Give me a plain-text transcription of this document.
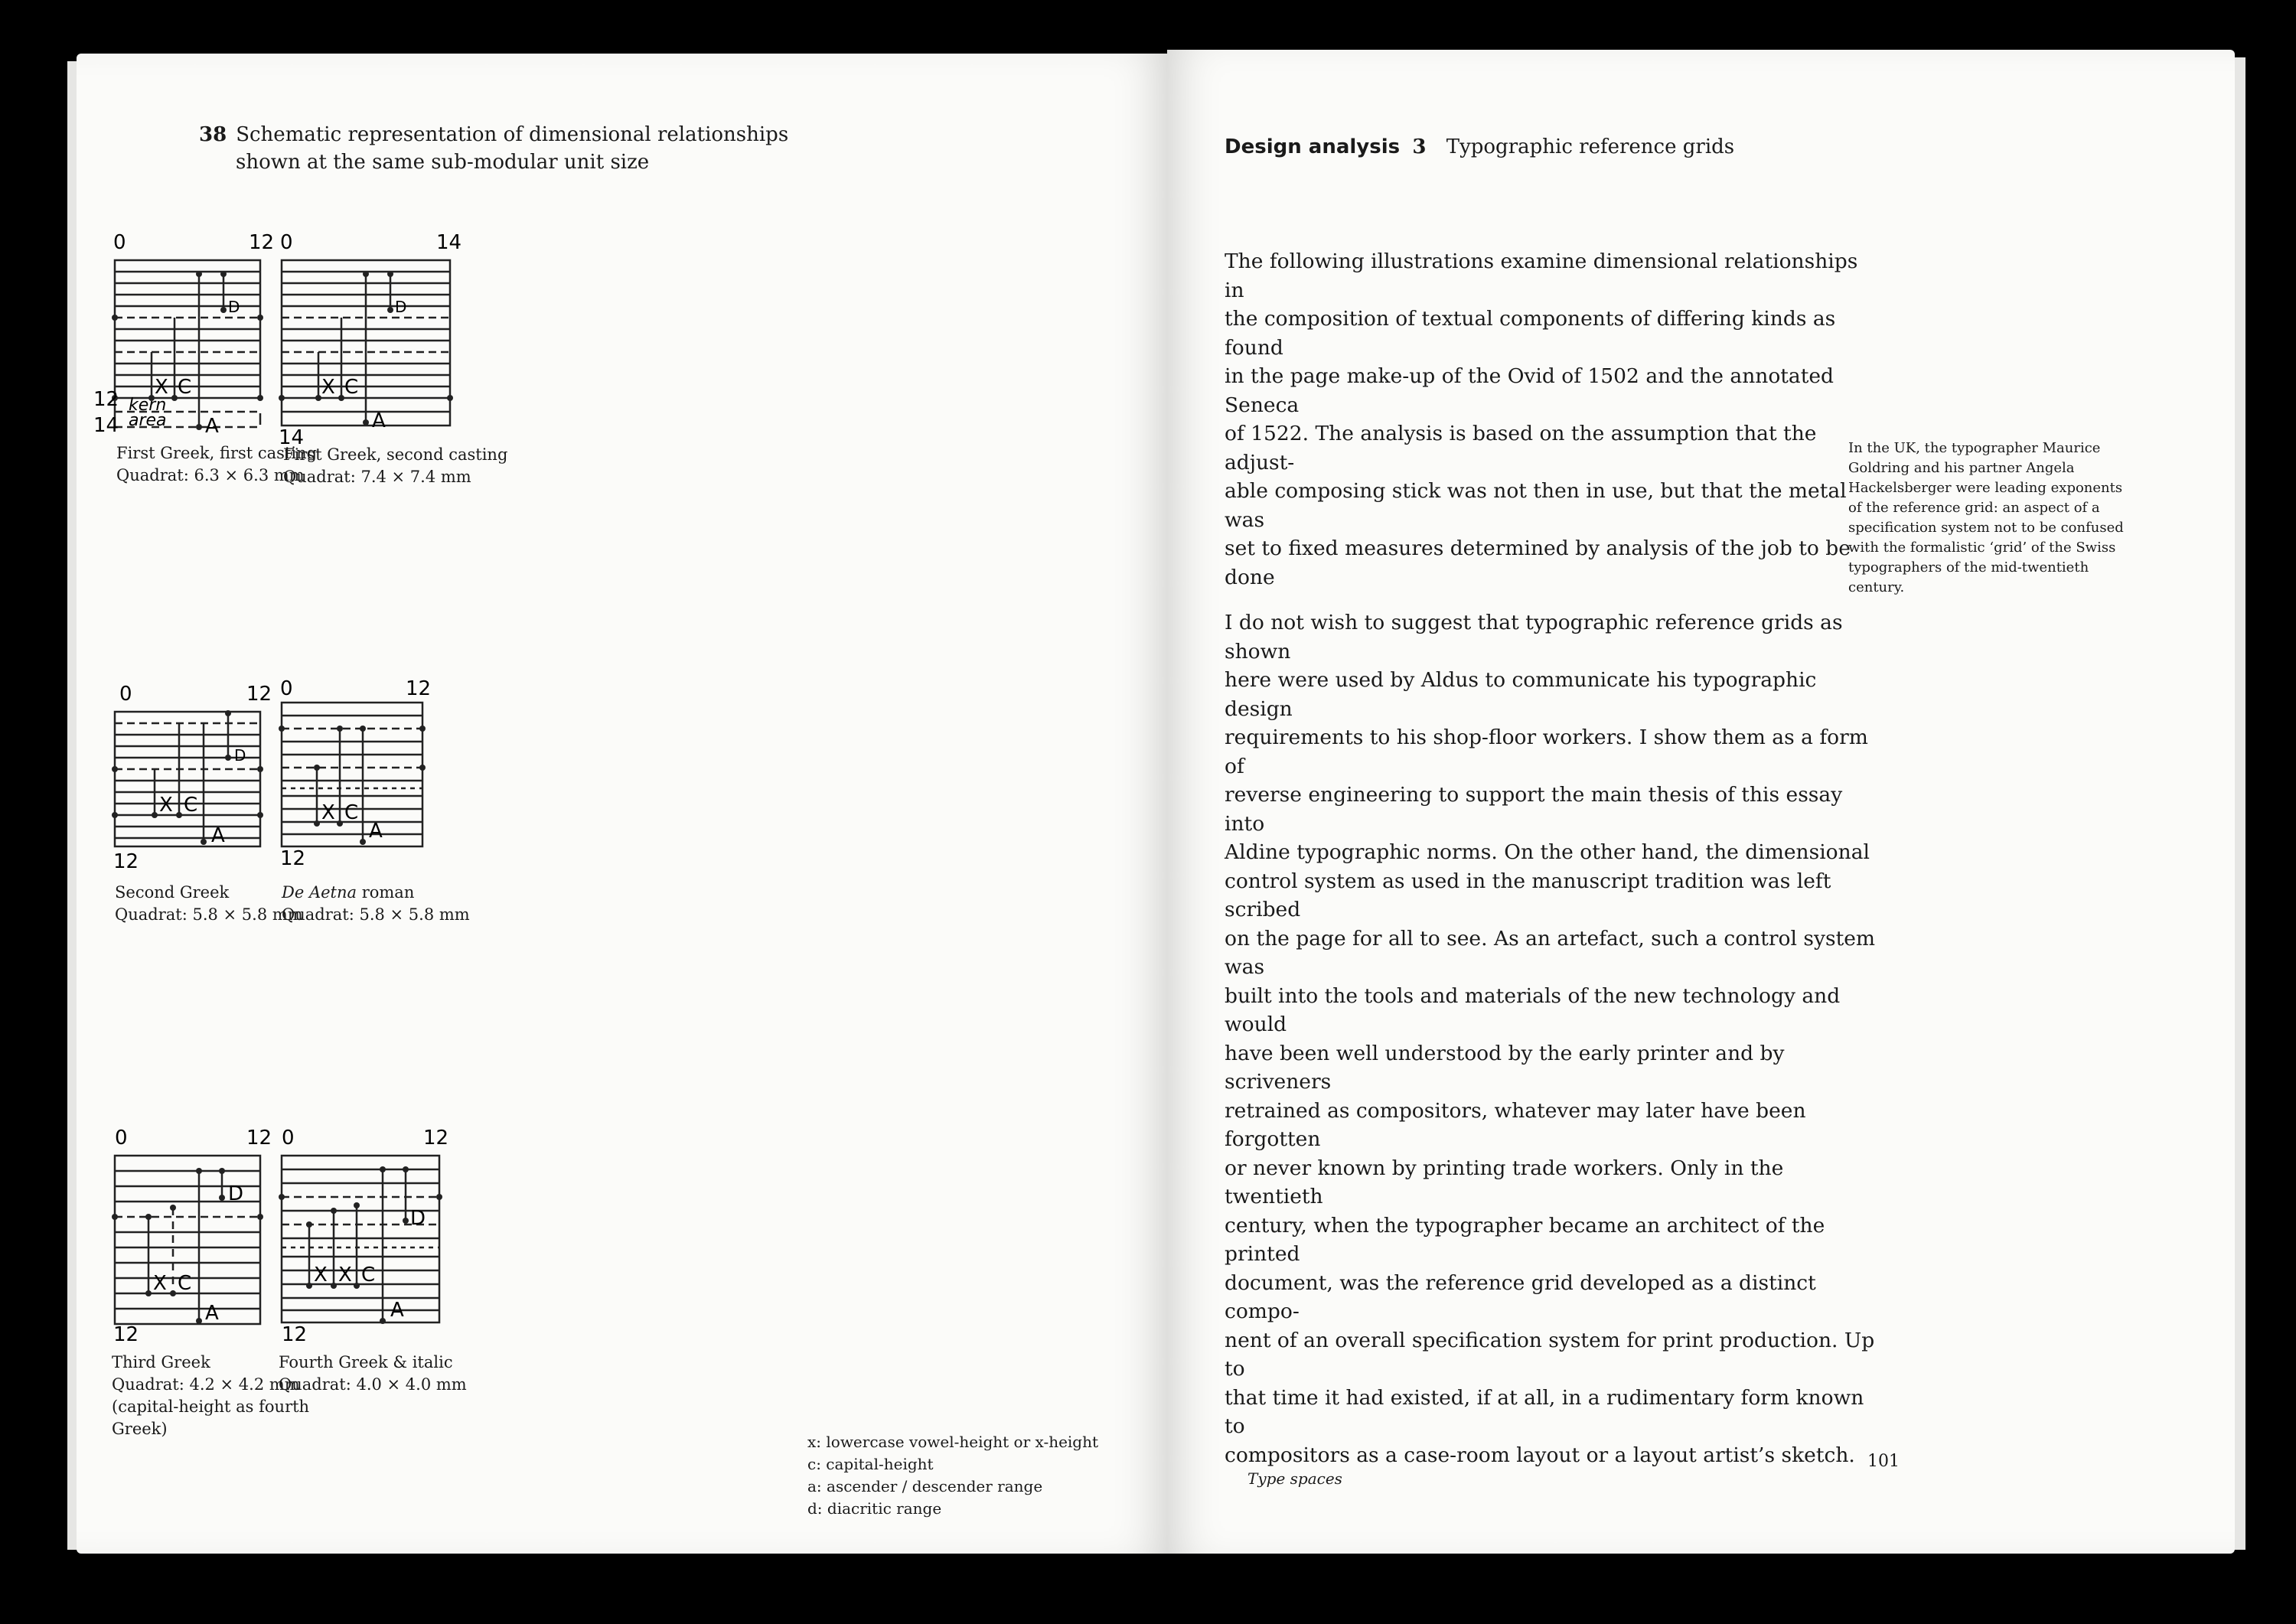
38 Schematic representation of dimensional relationships
shown at the same sub-modular unit size
0	12
12
14
kern
area
X C
D
A
First Greek, first casting
Quadrat: 6.3 × 6.3 mm
0	14
14
X C
D
A
First Greek, second casting
Quadrat: 7.4 × 7.4 mm
0	12
12
X C
D
A
Second Greek
Quadrat: 5.8 × 5.8 mm
0	12
12
X C
A
De Aetna roman
Quadrat: 5.8 × 5.8 mm
0	12
12
X C
D
A
Third Greek
Quadrat: 4.2 × 4.2 mm
(capital-height as fourth Greek)
0	12
12
X X C
D
A
Fourth Greek & italic
Quadrat: 4.0 × 4.0 mm
x: lowercase vowel-height or x-height
c: capital-height
a: ascender / descender range
d: diacritic range
Design analysis 3 Typographic reference grids

The following illustrations examine dimensional relationships in
the composition of textual components of differing kinds as found
in the page make-up of the Ovid of 1502 and the annotated Seneca
of 1522. The analysis is based on the assumption that the adjust-
able composing stick was not then in use, but that the metal was
set to fixed measures determined by analysis of the job to be done

I do not wish to suggest that typographic reference grids as shown
here were used by Aldus to communicate his typographic design
requirements to his shop-floor workers. I show them as a form of
reverse engineering to support the main thesis of this essay into
Aldine typographic norms. On the other hand, the dimensional
control system as used in the manuscript tradition was left scribed
on the page for all to see. As an artefact, such a control system was
built into the tools and materials of the new technology and would
have been well understood by the early printer and by scriveners
retrained as compositors, whatever may later have been forgotten
or never known by printing trade workers. Only in the twentieth
century, when the typographer became an architect of the printed
document, was the reference grid developed as a distinct compo-
nent of an overall specification system for print production. Up to
that time it had existed, if at all, in a rudimentary form known to
compositors as a case-room layout or a layout artist’s sketch.

In the UK, the typographer Maurice
Goldring and his partner Angela
Hackelsberger were leading exponents
of the reference grid: an aspect of a
specification system not to be confused
with the formalistic ‘grid’ of the Swiss
typographers of the mid-twentieth
century.
Type spaces
101
